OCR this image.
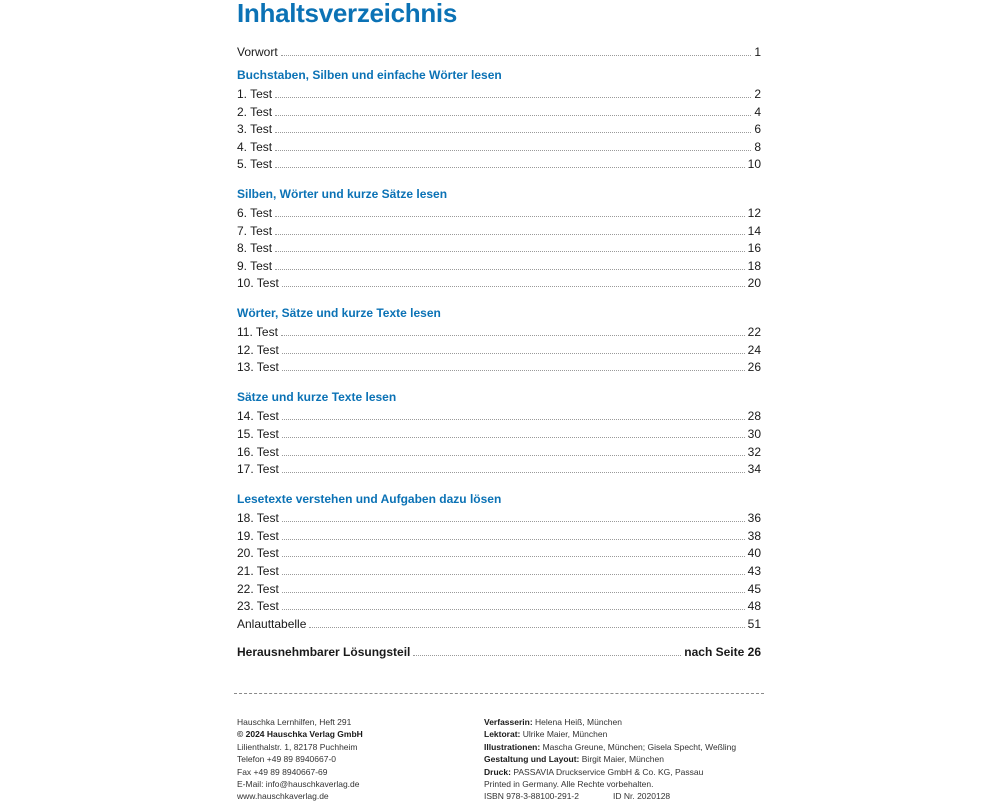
Inhaltsverzeichnis
Vorwort	1
Buchstaben, Silben und einfache Wörter lesen
1. Test	2
2. Test	4
3. Test	6
4. Test	8
5. Test	10
Silben, Wörter und kurze Sätze lesen
6. Test	12
7. Test	14
8. Test	16
9. Test	18
10. Test	20
Wörter, Sätze und kurze Texte lesen
11. Test	22
12. Test	24
13. Test	26
Sätze und kurze Texte lesen
14. Test	28
15. Test	30
16. Test	32
17. Test	34
Lesetexte verstehen und Aufgaben dazu lösen
18. Test	36
19. Test	38
20. Test	40
21. Test	43
22. Test	45
23. Test	48
Anlauttabelle	51
Herausnehmbarer Lösungsteil	nach Seite 26
Hauschka Lernhilfen, Heft 291
© 2024 Hauschka Verlag GmbH
Lilienthalstr. 1, 82178 Puchheim
Telefon +49 89 8940667-0
Fax +49 89 8940667-69
E-Mail: info@hauschkaverlag.de
www.hauschkaverlag.de
Verfasserin: Helena Heiß, München
Lektorat: Ulrike Maier, München
Illustrationen: Mascha Greune, München; Gisela Specht, Weßling
Gestaltung und Layout: Birgit Maier, München
Druck: PASSAVIA Druckservice GmbH & Co. KG, Passau
Printed in Germany. Alle Rechte vorbehalten.
ISBN 978-3-88100-291-2	ID Nr. 2020128
